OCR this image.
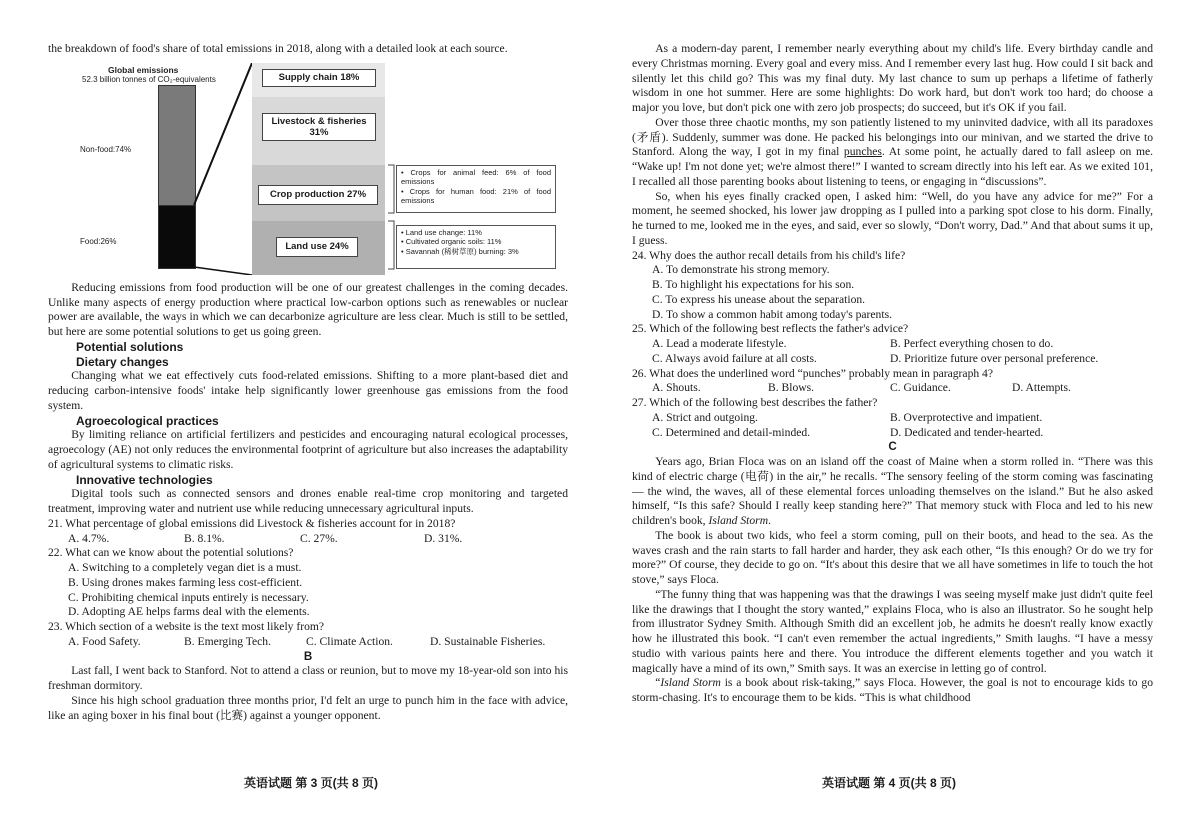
the breakdown of food's share of total emissions in 2018, along with a detailed look at each source.

Global emissions
52.3 billion tonnes of CO₂-equivalents
Non-food:74%
Food:26%
Supply chain 18%
Livestock & fisheries
31%
Crop production 27%
Land use 24%
• Crops for animal feed: 6% of food emissions
• Crops for human food: 21% of food emissions
• Land use change: 11%
• Cultivated organic soils: 11%
• Savannah (稀树草原) burning: 3%

Reducing emissions from food production will be one of our greatest challenges in the coming decades. Unlike many aspects of energy production where practical low-carbon options such as renewables or nuclear power are available, the ways in which we can decarbonize agriculture are less clear. Much is still to be settled, but here are some potential solutions to get us going green.

Potential solutions
Dietary changes

Changing what we eat effectively cuts food-related emissions. Shifting to a more plant-based diet and reducing carbon-intensive foods' intake help significantly lower greenhouse gas emissions from the food system.

Agroecological practices

By limiting reliance on artificial fertilizers and pesticides and encouraging natural ecological processes, agroecology (AE) not only reduces the environmental footprint of agriculture but also increases the adaptability of agricultural systems to climatic risks.

Innovative technologies

Digital tools such as connected sensors and drones enable real-time crop monitoring and targeted treatment, improving water and nutrient use while reducing unnecessary agricultural inputs.

21. What percentage of global emissions did Livestock & fisheries account for in 2018?

A. 4.7%.	B. 8.1%.	C. 27%.	D. 31%.

22. What can we know about the potential solutions?

A. Switching to a completely vegan diet is a must.
B. Using drones makes farming less cost-efficient.
C. Prohibiting chemical inputs entirely is necessary.
D. Adopting AE helps farms deal with the elements.

23. Which section of a website is the text most likely from?

A. Food Safety.	B. Emerging Tech.	C. Climate Action.	D. Sustainable Fisheries.
B

Last fall, I went back to Stanford. Not to attend a class or reunion, but to move my 18-year-old son into his freshman dormitory.

Since his high school graduation three months prior, I'd felt an urge to punch him in the face with advice, like an aging boxer in his final bout (比赛) against a younger opponent.

As a modern-day parent, I remember nearly everything about my child's life. Every birthday candle and every Christmas morning. Every goal and every miss. And I remember every last hug. How could I sit back and silently let this child go? This was my final duty. My last chance to sum up perhaps a lifetime of fatherly wisdom in one hot summer. Here are some highlights: Do work hard, but don't work too hard; do choose a major you love, but don't pick one with zero job prospects; do succeed, but it's OK if you fail.

Over those three chaotic months, my son patiently listened to my uninvited dadvice, with all its paradoxes (矛盾). Suddenly, summer was done. He packed his belongings into our minivan, and we started the drive to Stanford. Along the way, I got in my final punches. At some point, he actually dared to fall asleep on me. “Wake up! I'm not done yet; we're almost there!” I wanted to scream directly into his left ear. As we exited 101, I recalled all those parenting books about listening to teens, or engaging in “discussions”.

So, when his eyes finally cracked open, I asked him: “Well, do you have any advice for me?” For a moment, he seemed shocked, his lower jaw dropping as I pulled into a parking spot close to his dorm. Finally, he turned to me, looked me in the eyes, and said, ever so slowly, “Don't worry, Dad.” And that about sums it up, I guess.

24. Why does the author recall details from his child's life?

A. To demonstrate his strong memory.
B. To highlight his expectations for his son.
C. To express his unease about the separation.
D. To show a common habit among today's parents.

25. Which of the following best reflects the father's advice?

A. Lead a moderate lifestyle.	B. Perfect everything chosen to do.
C. Always avoid failure at all costs.	D. Prioritize future over personal preference.

26. What does the underlined word “punches” probably mean in paragraph 4?

A. Shouts.	B. Blows.	C. Guidance.	D. Attempts.

27. Which of the following best describes the father?

A. Strict and outgoing.	B. Overprotective and impatient.
C. Determined and detail-minded.	D. Dedicated and tender-hearted.
C

Years ago, Brian Floca was on an island off the coast of Maine when a storm rolled in. “There was this kind of electric charge (电荷) in the air,” he recalls. “The sensory feeling of the storm coming was fascinating — the wind, the waves, all of these elemental forces unloading themselves on the island.” But he also asked himself, “Is this safe? Should I really keep standing here?” That memory stuck with Floca and led to his new children's book, Island Storm.

The book is about two kids, who feel a storm coming, pull on their boots, and head to the sea. As the waves crash and the rain starts to fall harder and harder, they ask each other, “Is this enough? Or do we try for more?” Of course, they decide to go on. “It's about this desire that we all have sometimes in life to touch the hot stove,” says Floca.

“The funny thing that was happening was that the drawings I was seeing myself make just didn't quite feel like the drawings that I thought the story wanted,” explains Floca, who is also an illustrator. So he sought help from illustrator Sydney Smith. Although Smith did an excellent job, he admits he doesn't really know exactly how he illustrated this book. “I can't even remember the actual ingredients,” Smith laughs. “I have a messy studio with various paints here and there. You introduce the different elements together and you watch it magically have a mind of its own,” Smith says. It was an exercise in letting go of control.

“Island Storm is a book about risk-taking,” says Floca. However, the goal is not to encourage kids to go storm-chasing. It's to encourage them to be kids. “This is what childhood

英语试题 第 3 页(共 8 页)	英语试题 第 4 页(共 8 页)
